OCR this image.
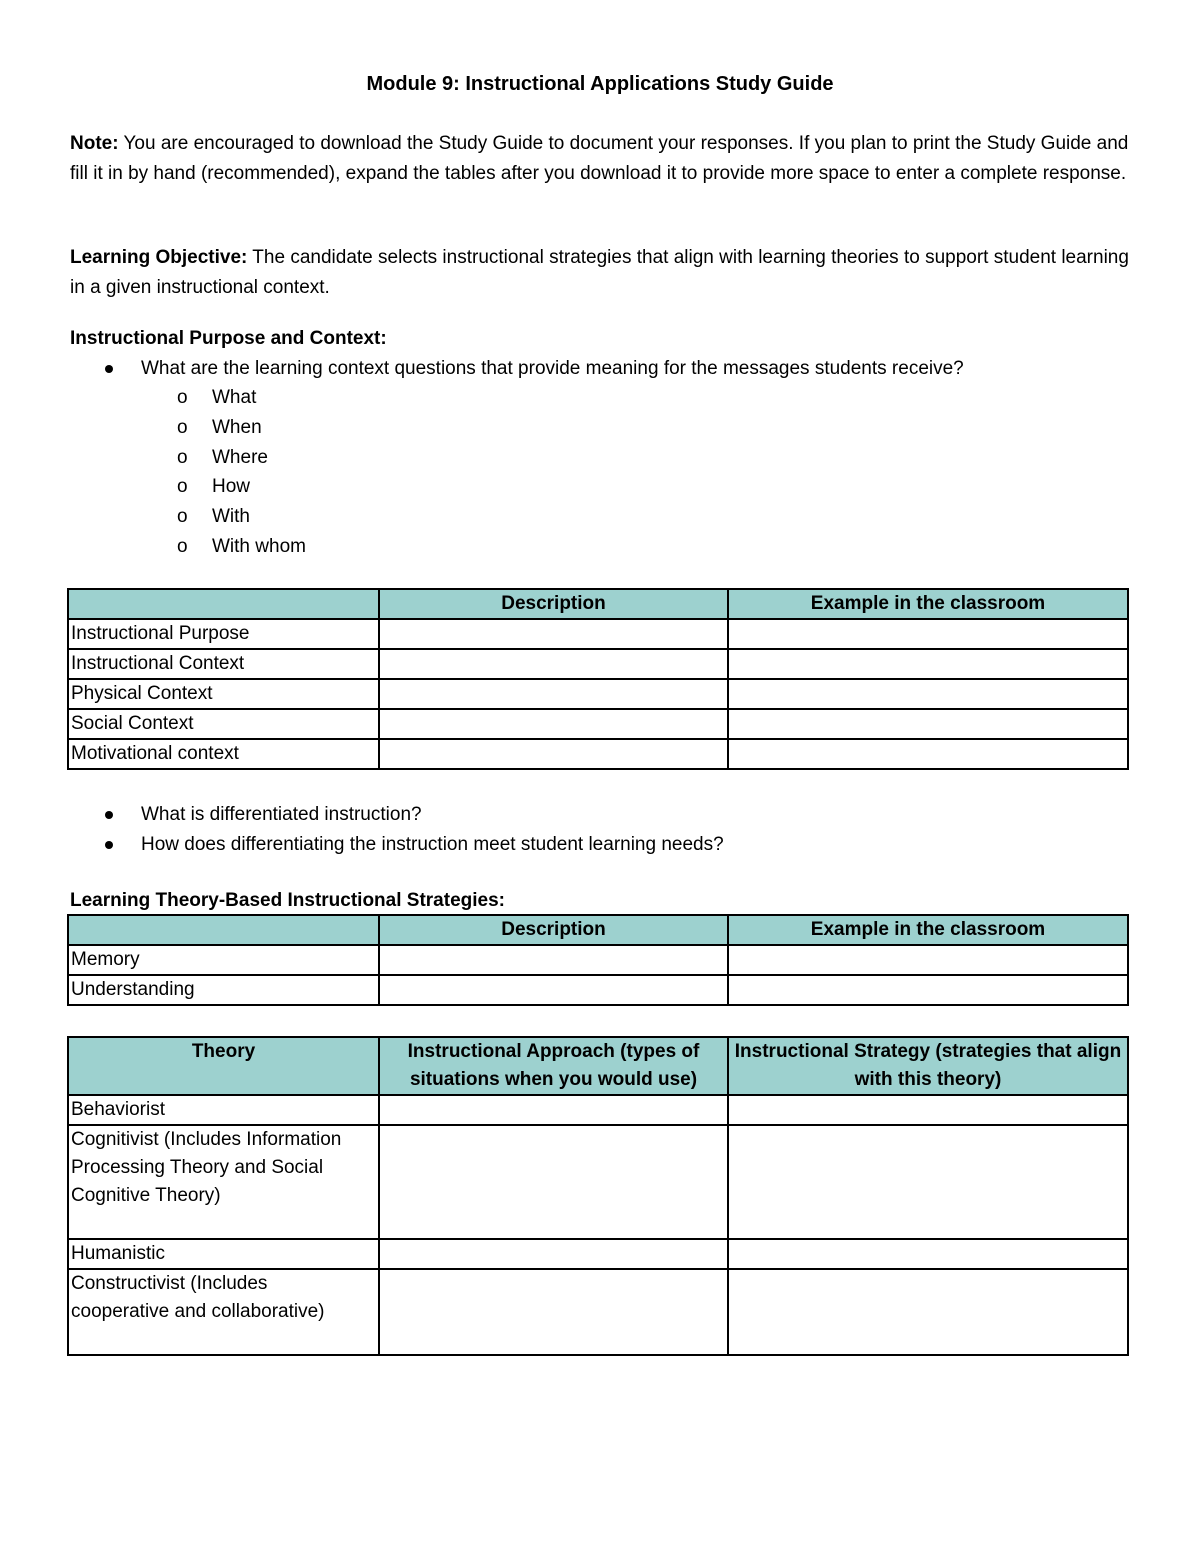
Module 9: Instructional Applications Study Guide
Note: You are encouraged to download the Study Guide to document your responses. If you plan to print the Study Guide and fill it in by hand (recommended), expand the tables after you download it to provide more space to enter a complete response.
Learning Objective: The candidate selects instructional strategies that align with learning theories to support student learning in a given instructional context.
Instructional Purpose and Context:
What are the learning context questions that provide meaning for the messages students receive?
o What
o When
o Where
o How
o With
o With whom
	Description	Example in the classroom
Instructional Purpose		
Instructional Context		
Physical Context		
Social Context		
Motivational context		
What is differentiated instruction?
How does differentiating the instruction meet student learning needs?
Learning Theory-Based Instructional Strategies:
	Description	Example in the classroom
Memory		
Understanding		
Theory	Instructional Approach (types of situations when you would use)	Instructional Strategy (strategies that align with this theory)
Behaviorist		
Cognitivist (Includes Information Processing Theory and Social Cognitive Theory)		
Humanistic		
Constructivist (Includes cooperative and collaborative)		
